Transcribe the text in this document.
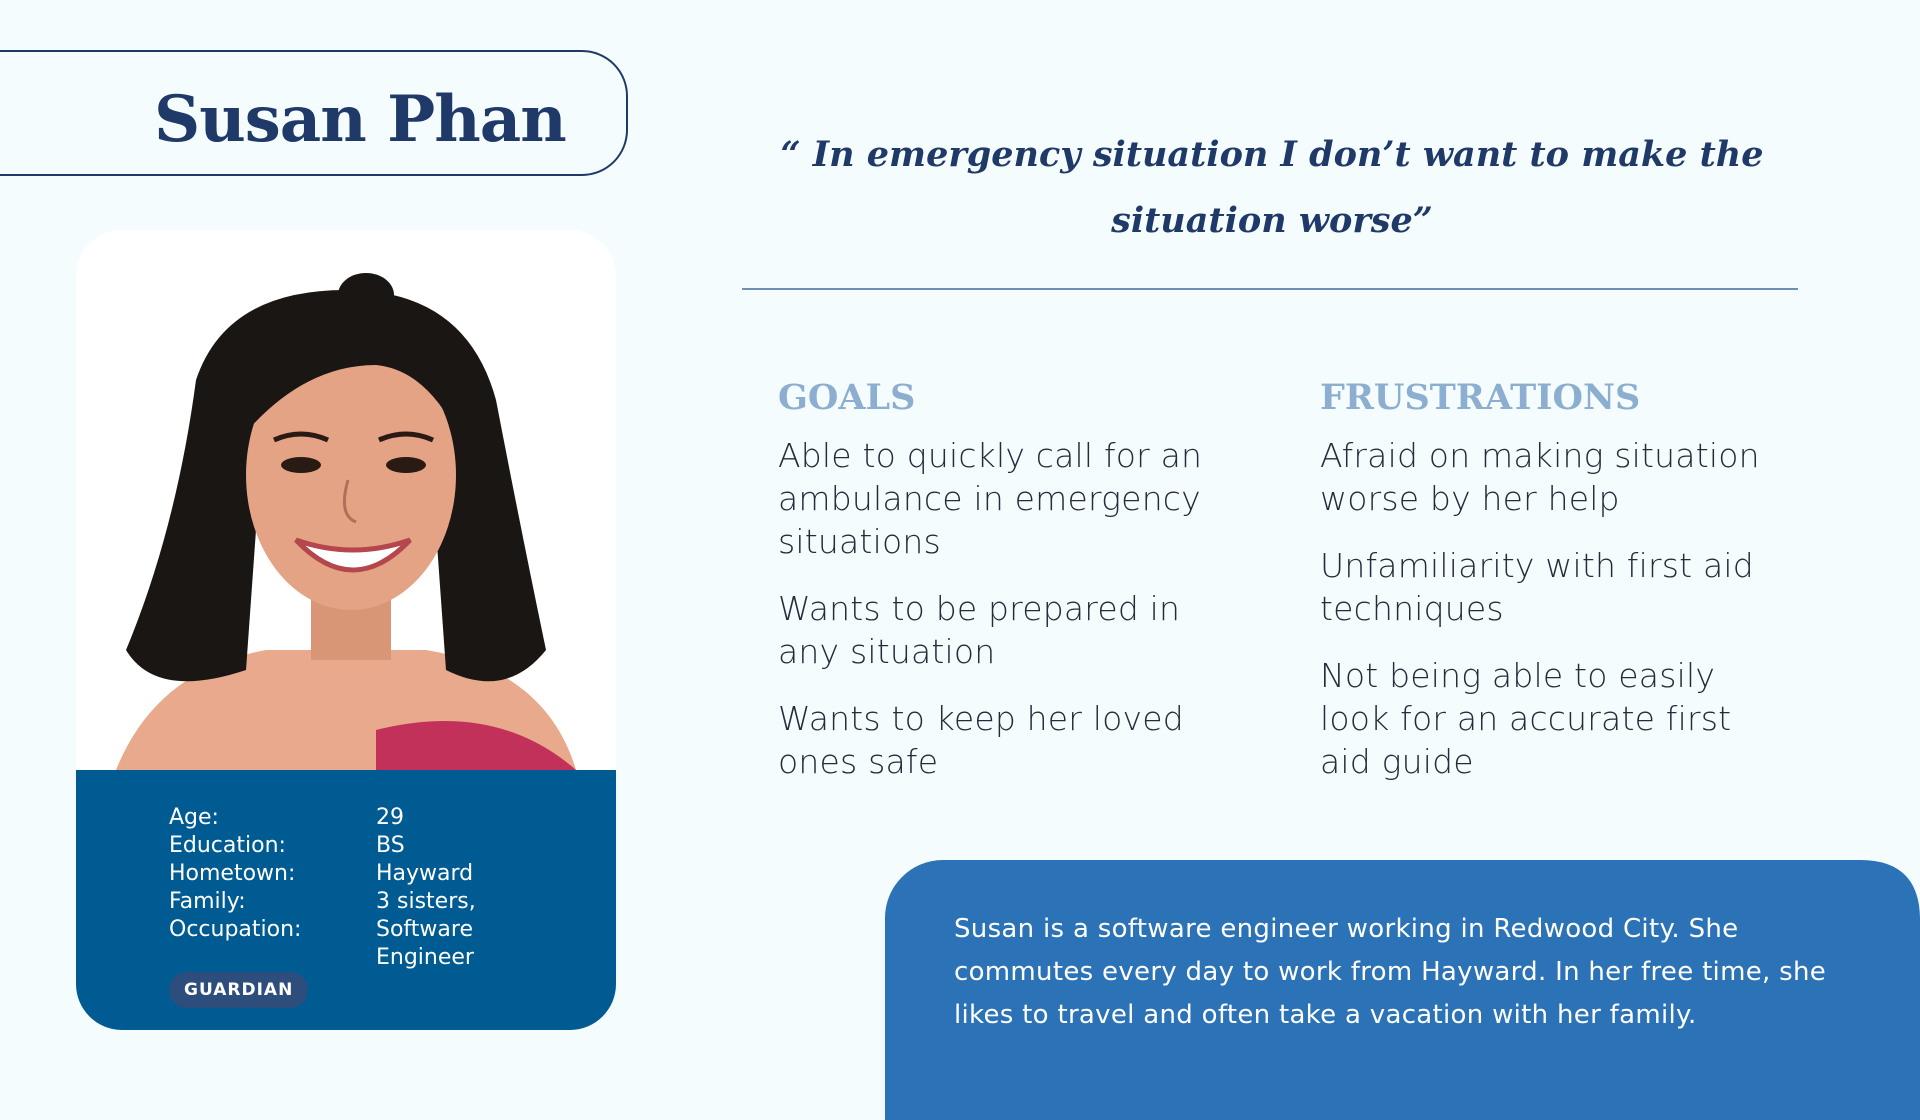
Susan Phan
Age:	29
Education:	BS
Hometown:	Hayward
Family:	3 sisters,
Occupation:	Software
Engineer
GUARDIAN
“ In emergency situation I don’t want to make the situation worse”
GOALS
Able to quickly call for an ambulance in emergency situations
Wants to be prepared in any situation
Wants to keep her loved ones safe
FRUSTRATIONS
Afraid on making situation worse by her help
Unfamiliarity with first aid techniques
Not being able to easily look for an accurate first aid guide
Susan is a software engineer working in Redwood City. She commutes every day to work from Hayward. In her free time, she likes to travel and often take a vacation with her family.
